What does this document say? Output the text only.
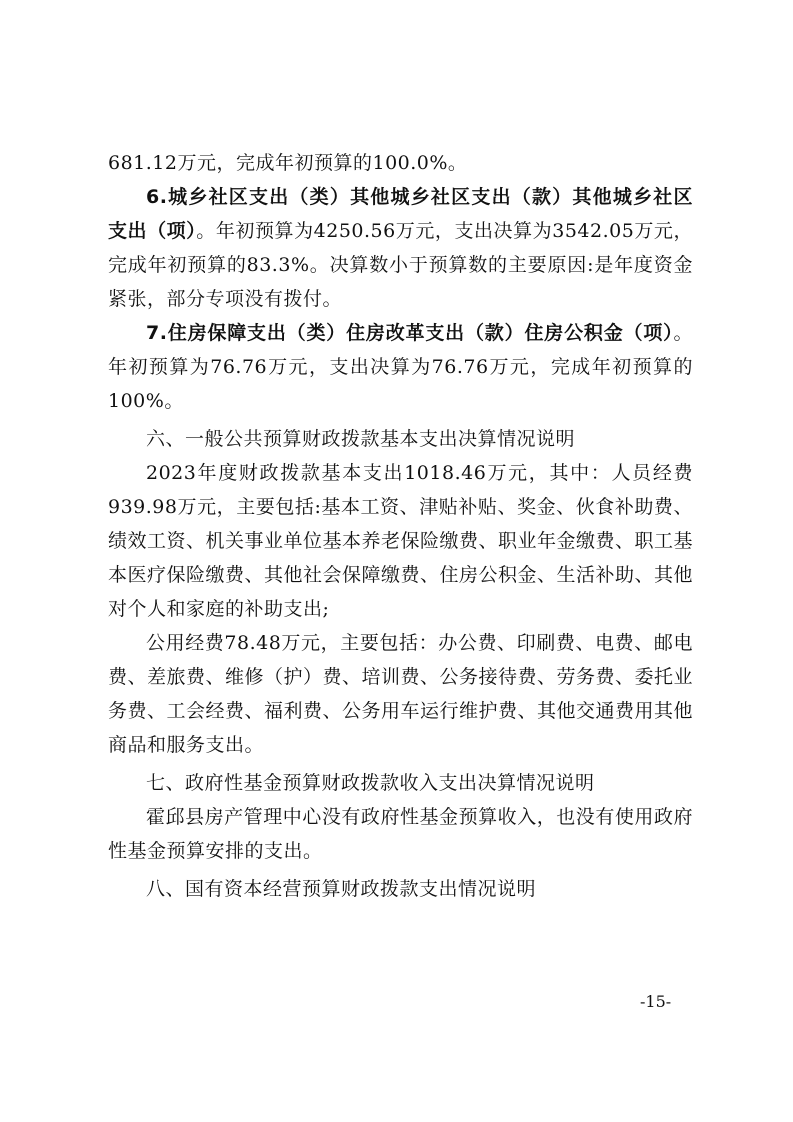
681.12万元，完成年初预算的100.0%。

6.城乡社区支出（类）其他城乡社区支出（款）其他城乡社区支出（项）。年初预算为4250.56万元，支出决算为3542.05万元，完成年初预算的83.3%。决算数小于预算数的主要原因:是年度资金紧张，部分专项没有拨付。

7.住房保障支出（类）住房改革支出（款）住房公积金（项）。年初预算为76.76万元，支出决算为76.76万元，完成年初预算的100%。

六、一般公共预算财政拨款基本支出决算情况说明

2023年度财政拨款基本支出1018.46万元，其中：人员经费939.98万元，主要包括:基本工资、津贴补贴、奖金、伙食补助费、绩效工资、机关事业单位基本养老保险缴费、职业年金缴费、职工基本医疗保险缴费、其他社会保障缴费、住房公积金、生活补助、其他对个人和家庭的补助支出;

公用经费78.48万元，主要包括：办公费、印刷费、电费、邮电费、差旅费、维修（护）费、培训费、公务接待费、劳务费、委托业务费、工会经费、福利费、公务用车运行维护费、其他交通费用其他商品和服务支出。

七、政府性基金预算财政拨款收入支出决算情况说明

霍邱县房产管理中心没有政府性基金预算收入，也没有使用政府性基金预算安排的支出。

八、国有资本经营预算财政拨款支出情况说明

-15-
